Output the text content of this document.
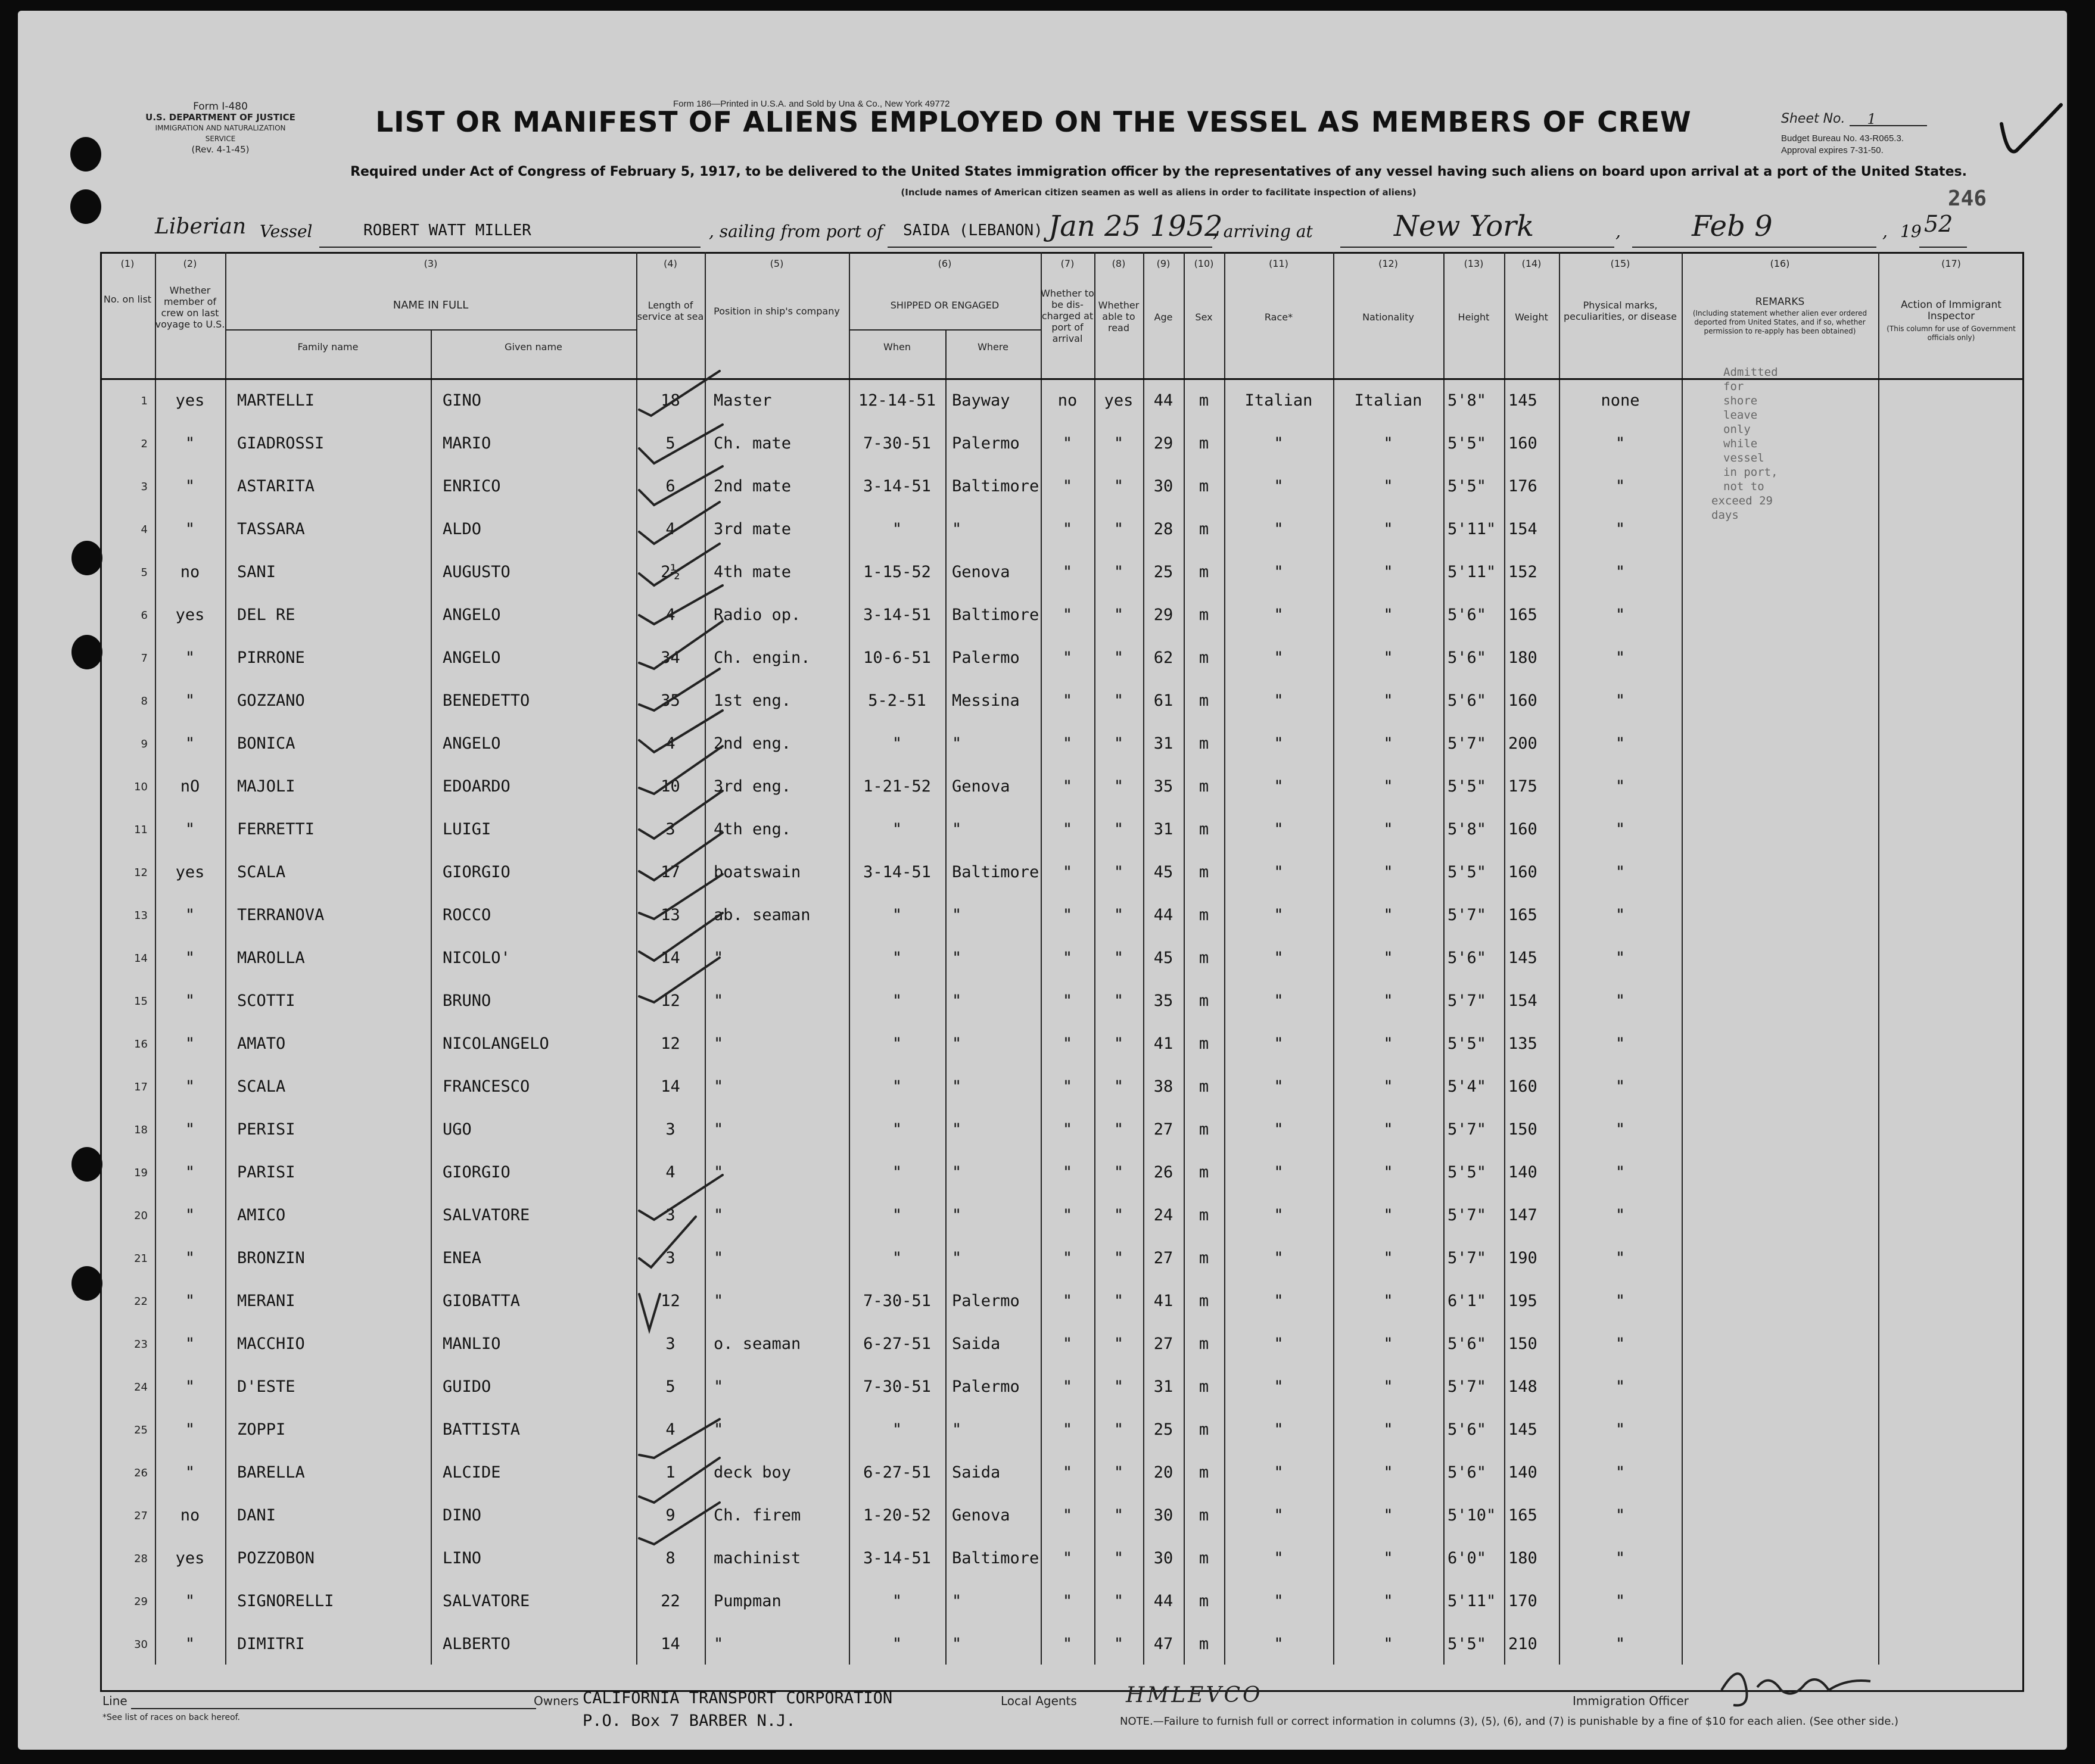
Form I-480
U.S. DEPARTMENT OF JUSTICE
IMMIGRATION AND NATURALIZATION
SERVICE
(Rev. 4-1-45)
Form 186—Printed in U.S.A. and Sold by Una & Co., New York 49772
LIST OR MANIFEST OF ALIENS EMPLOYED ON THE VESSEL AS MEMBERS OF CREW	Sheet No. 1
Budget Bureau No. 43-R065.3.
Approval expires 7-31-50.
Required under Act of Congress of February 5, 1917, to be delivered to the United States immigration officer by the representatives of any vessel having such aliens on board upon arrival at a port of the United States.
(Include names of American citizen seamen as well as aliens in order to facilitate inspection of aliens)	246
Liberian Vessel	ROBERT WATT MILLER	, sailing from port of SAIDA (LEBANON) Jan 25 1952
, arriving at	New York	, Feb 9	, 19 52
(1)	(2)	(3)	(4)	(5)	(6)	(7)	(8)	(9)	(10)	(11)	(12)	(13)	(14)	(15)	(16)	(17)
No. on list
Whether member of crew on last voyage to U.S.
NAME IN FULL
Family name	Given name
Length of service at sea	Position in ship's company
SHIPPED OR ENGAGED
When	Where
Whether to be dis-charged at port of arrival
Whether able to read
Age	Sex	Race*	Nationality	Height	Weight
Physical marks, peculiarities, or disease
REMARKS
(Including statement whether alien ever ordered deported from United States, and if so, whether permission to re-apply has been obtained)
Action of Immigrant Inspector
(This column for use of Government officials only)
1	yes	MARTELLI	GINO	18	Master	12-14-51 Bayway	no	yes	44	m	Italian	Italian	5'8" 145	none
2	"	GIADROSSI	MARIO	5	Ch. mate	7-30-51	Palermo	"	"	29	m	"	"	5'5" 160	"
3	"	ASTARITA	ENRICO	6	2nd mate	3-14-51	Baltimore	"	"	30	m	"	"	5'5" 176	"
4	"	TASSARA	ALDO	4	3rd mate	"	"	"	"	28	m	"	"	5'11" 154	"
5	no	SANI	AUGUSTO	2½	4th mate	1-15-52	Genova	"	"	25	m	"	"	5'11" 152	"
6	yes	DEL RE	ANGELO	4	Radio op.	3-14-51	Baltimore	"	"	29	m	"	"	5'6" 165	"
7	"	PIRRONE	ANGELO	34	Ch. engin.	10-6-51	Palermo	"	"	62	m	"	"	5'6" 180	"
8	"	GOZZANO	BENEDETTO	35	1st eng.	5-2-51	Messina	"	"	61	m	"	"	5'6" 160	"
9	"	BONICA	ANGELO	4	2nd eng.	"	"	"	"	31	m	"	"	5'7" 200	"
10	nO	MAJOLI	EDOARDO	10	3rd eng.	1-21-52	Genova	"	"	35	m	"	"	5'5" 175	"
11	"	FERRETTI	LUIGI	3	4th eng.	"	"	"	"	31	m	"	"	5'8" 160	"
12	yes	SCALA	GIORGIO	17	boatswain	3-14-51	Baltimore	"	"	45	m	"	"	5'5" 160	"
13	"	TERRANOVA	ROCCO	13	ab. seaman	"	"	"	"	44	m	"	"	5'7" 165	"
14	"	MAROLLA	NICOLO'	14	"	"	"	"	"	45	m	"	"	5'6" 145	"
15	"	SCOTTI	BRUNO	12	"	"	"	"	"	35	m	"	"	5'7" 154	"
16	"	AMATO	NICOLANGELO	12	"	"	"	"	"	41	m	"	"	5'5" 135	"
17	"	SCALA	FRANCESCO	14	"	"	"	"	"	38	m	"	"	5'4" 160	"
18	"	PERISI	UGO	3	"	"	"	"	"	27	m	"	"	5'7" 150	"
19	"	PARISI	GIORGIO	4	"	"	"	"	"	26	m	"	"	5'5" 140	"
20	"	AMICO	SALVATORE	3	"	"	"	"	"	24	m	"	"	5'7" 147	"
21	"	BRONZIN	ENEA	3	"	"	"	"	"	27	m	"	"	5'7" 190	"
22	"	MERANI	GIOBATTA	12	"	7-30-51	Palermo	"	"	41	m	"	"	6'1" 195	"
23	"	MACCHIO	MANLIO	3	o. seaman	6-27-51	Saida	"	"	27	m	"	"	5'6" 150	"
24	"	D'ESTE	GUIDO	5	"	7-30-51	Palermo	"	"	31	m	"	"	5'7" 148	"
25	"	ZOPPI	BATTISTA	4	"	"	"	"	"	25	m	"	"	5'6" 145	"
26	"	BARELLA	ALCIDE	1	deck boy	6-27-51	Saida	"	"	20	m	"	"	5'6" 140	"
27	no	DANI	DINO	9	Ch. firem	1-20-52	Genova	"	"	30	m	"	"	5'10" 165	"
28	yes	POZZOBON	LINO	8	machinist	3-14-51	Baltimore	"	"	30	m	"	"	6'0" 180	"
29	"	SIGNORELLI	SALVATORE	22	Pumpman	"	"	"	"	44	m	"	"	5'11" 170	"
30	"	DIMITRI	ALBERTO	14	"	"	"	"	"	47	m	"	"	5'5" 210	"
Admitted for shore leave only
while vessel in port, not to
exceed 29 days
Line	Owners CALIFORNIA TRANSPORT CORPORATION
P.O. Box 7 BARBER N.J.
Local Agents HMLEVCO	Immigration Officer
*See list of races on back hereof.	NOTE.—Failure to furnish full or correct information in columns (3), (5), (6), and (7) is punishable by a fine of $10 for each alien. (See other side.)
